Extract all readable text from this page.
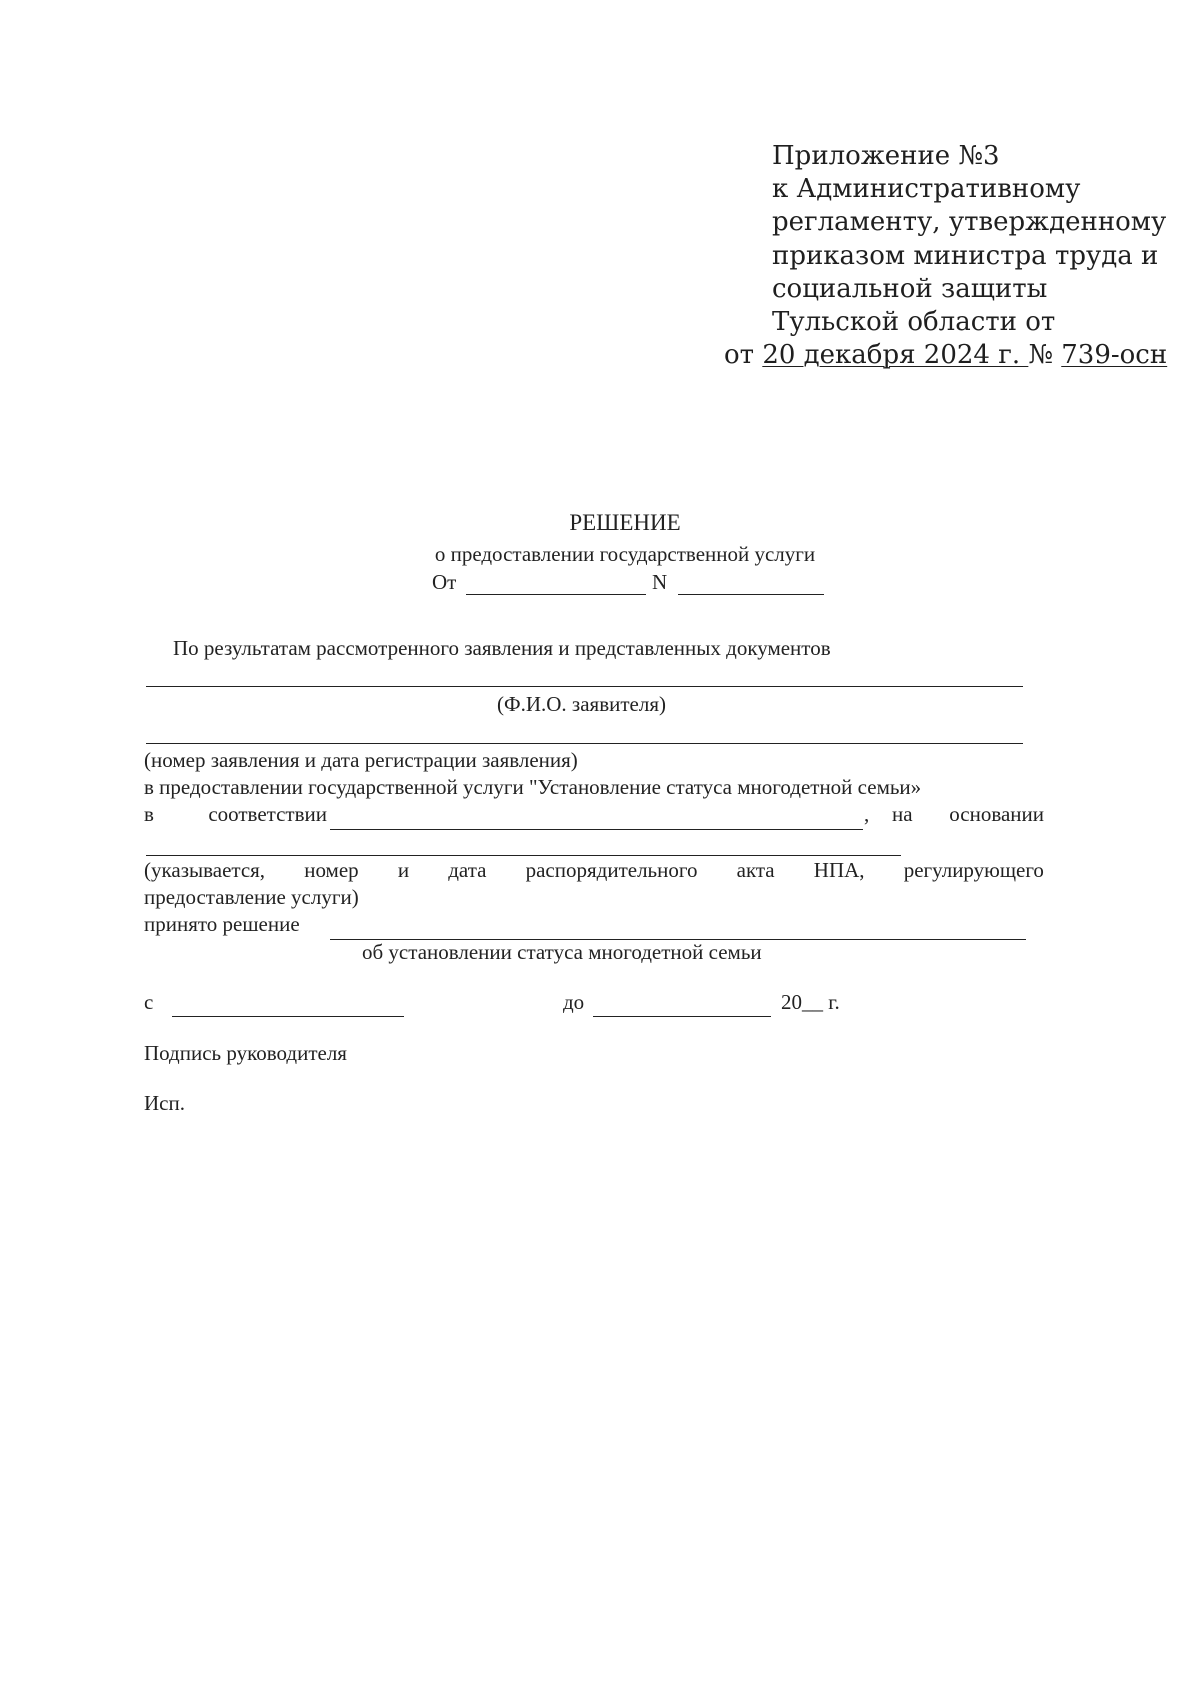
Приложение №3
к Административному
регламенту, утвержденному
приказом министра труда и
социальной защиты
Тульской области от
от 20 декабря 2024 г. № 739-осн
РЕШЕНИЕ
о предоставлении государственной услуги
От	N
По результатам рассмотренного заявления и представленных документов
(Ф.И.О. заявителя)
(номер заявления и дата регистрации заявления)
в предоставлении государственной услуги "Установление статуса многодетной семьи»
в	соответствии	, на основании
(указывается, номер и дата распорядительного акта НПА, регулирующего
предоставление услуги)
принято решение
об установлении статуса многодетной семьи
с	до	20__ г.
Подпись руководителя
Исп.
